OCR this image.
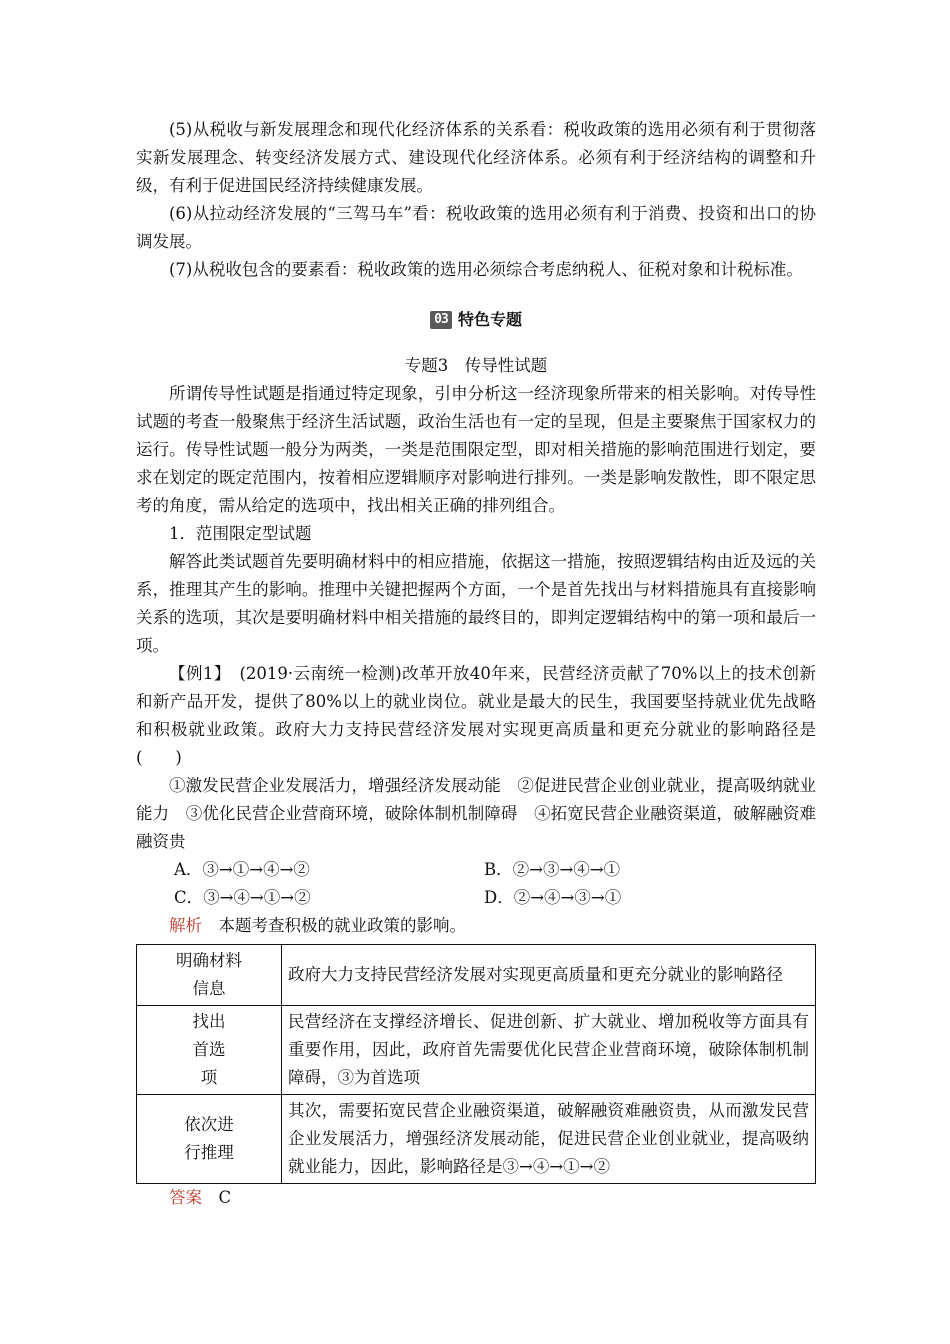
(5)从税收与新发展理念和现代化经济体系的关系看：税收政策的选用必须有利于贯彻落实新发展理念、转变经济发展方式、建设现代化经济体系。必须有利于经济结构的调整和升级，有利于促进国民经济持续健康发展。

(6)从拉动经济发展的“三驾马车”看：税收政策的选用必须有利于消费、投资和出口的协调发展。

(7)从税收包含的要素看：税收政策的选用必须综合考虑纳税人、征税对象和计税标准。

03 特色专题

专题3　传导性试题

所谓传导性试题是指通过特定现象，引申分析这一经济现象所带来的相关影响。对传导性试题的考查一般聚焦于经济生活试题，政治生活也有一定的呈现，但是主要聚焦于国家权力的运行。传导性试题一般分为两类，一类是范围限定型，即对相关措施的影响范围进行划定，要求在划定的既定范围内，按着相应逻辑顺序对影响进行排列。一类是影响发散性，即不限定思考的角度，需从给定的选项中，找出相关正确的排列组合。

1．范围限定型试题

解答此类试题首先要明确材料中的相应措施，依据这一措施，按照逻辑结构由近及远的关系，推理其产生的影响。推理中关键把握两个方面，一个是首先找出与材料措施具有直接影响关系的选项，其次是要明确材料中相关措施的最终目的，即判定逻辑结构中的第一项和最后一项。

【例1】　(2019·云南统一检测)改革开放40年来，民营经济贡献了70%以上的技术创新和新产品开发，提供了80%以上的就业岗位。就业是最大的民生，我国要坚持就业优先战略和积极就业政策。政府大力支持民营经济发展对实现更高质量和更充分就业的影响路径是(　　)

①激发民营企业发展活力，增强经济发展动能　②促进民营企业创业就业，提高吸纳就业能力　③优化民营企业营商环境，破除体制机制障碍　④拓宽民营企业融资渠道，破解融资难融资贵

A．③→①→④→②	B．②→③→④→①
C．③→④→①→②	D．②→④→③→①

解析　本题考查积极的就业政策的影响。

明确材料信息	政府大力支持民营经济发展对实现更高质量和更充分就业的影响路径

找出首选项	民营经济在支撑经济增长、促进创新、扩大就业、增加税收等方面具有重要作用，因此，政府首先需要优化民营企业营商环境，破除体制机制障碍，③为首选项

依次进行推理	其次，需要拓宽民营企业融资渠道，破解融资难融资贵，从而激发民营企业发展活力，增强经济发展动能，促进民营企业创业就业，提高吸纳就业能力，因此，影响路径是③→④→①→②

答案　C
